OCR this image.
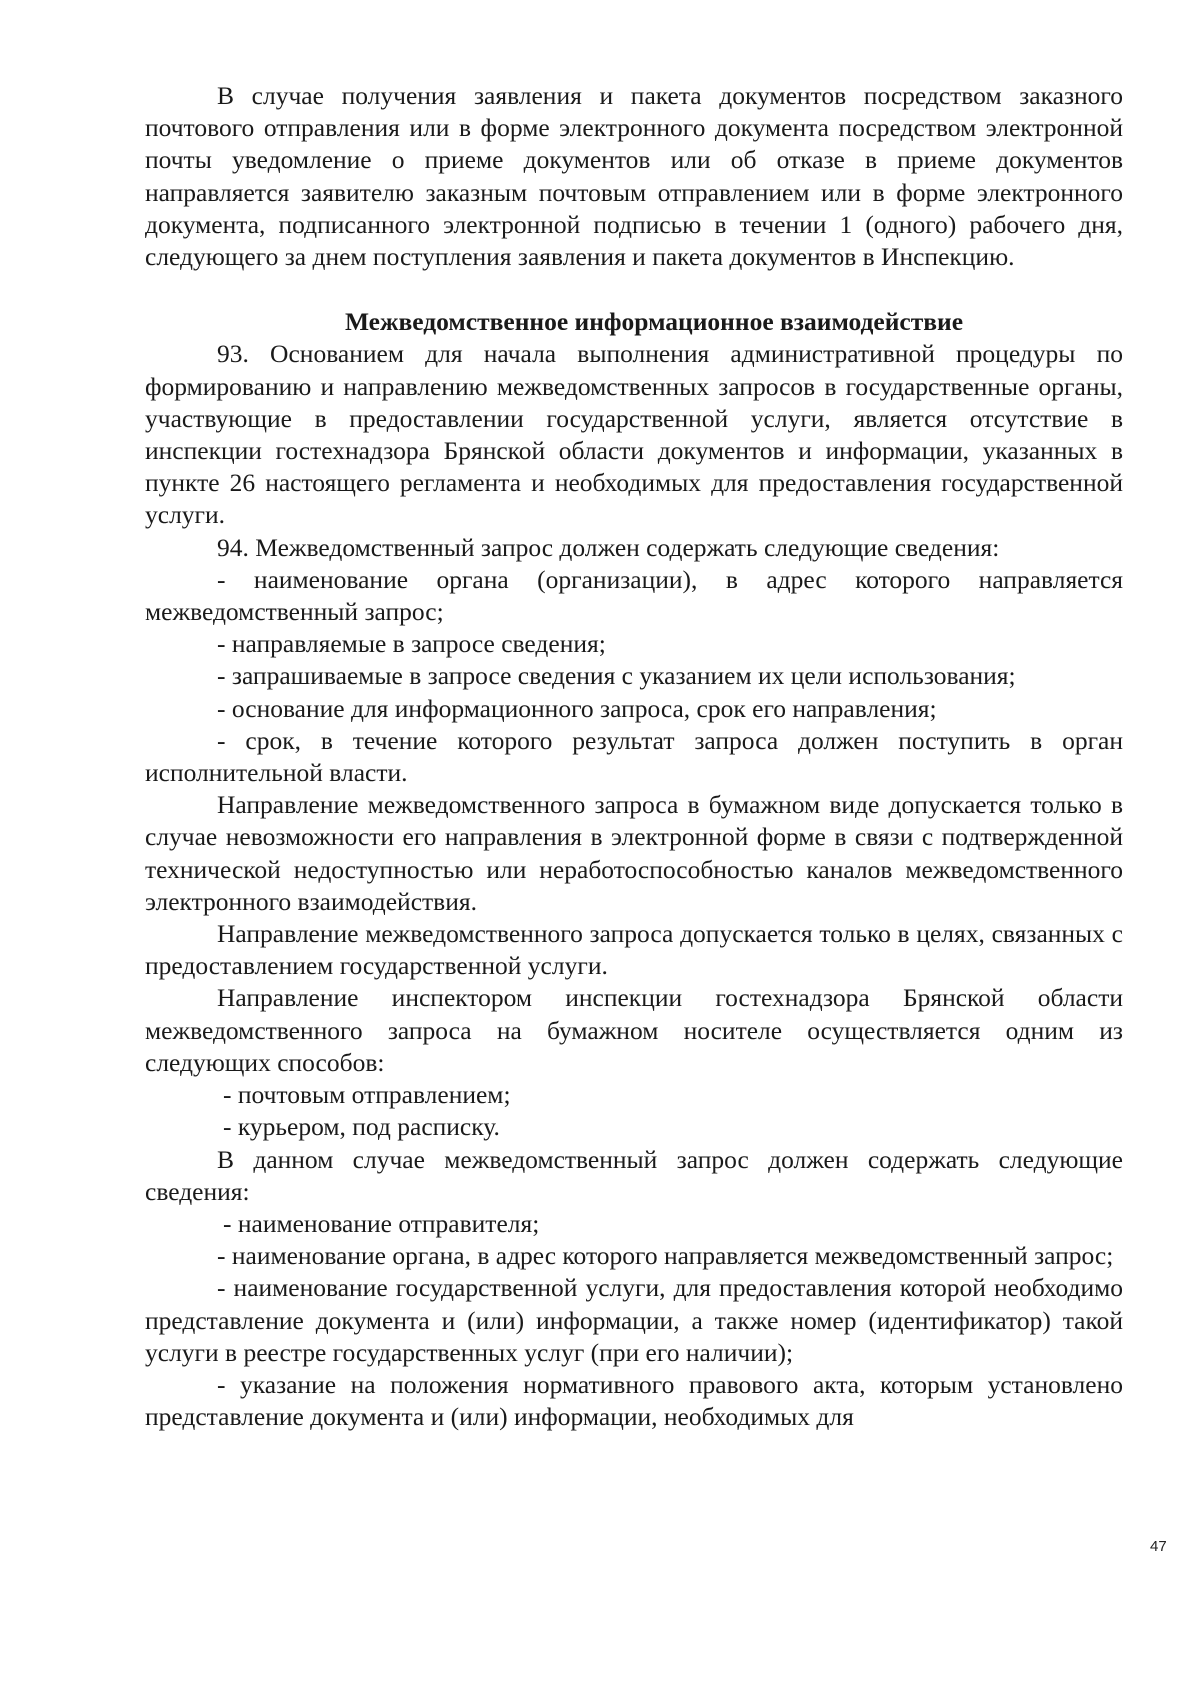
В случае получения заявления и пакета документов посредством заказного почтового отправления или в форме электронного документа посредством электронной почты уведомление о приеме документов или об отказе в приеме документов направляется заявителю заказным почтовым отправлением или в форме электронного документа, подписанного электронной подписью в течении 1 (одного) рабочего дня, следующего за днем поступления заявления и пакета документов в Инспекцию.

Межведомственное информационное взаимодействие

93. Основанием для начала выполнения административной процедуры по формированию и направлению межведомственных запросов в государственные органы, участвующие в предоставлении государственной услуги, является отсутствие в инспекции гостехнадзора Брянской области документов и информации, указанных в пункте 26 настоящего регламента и необходимых для предоставления государственной услуги.

94. Межведомственный запрос должен содержать следующие сведения:

- наименование органа (организации), в адрес которого направляется межведомственный запрос;

- направляемые в запросе сведения;

- запрашиваемые в запросе сведения с указанием их цели использования;

- основание для информационного запроса, срок его направления;

- срок, в течение которого результат запроса должен поступить в орган исполнительной власти.

Направление межведомственного запроса в бумажном виде допускается только в случае невозможности его направления в электронной форме в связи с подтвержденной технической недоступностью или неработоспособностью каналов межведомственного электронного взаимодействия.

Направление межведомственного запроса допускается только в целях, связанных с предоставлением государственной услуги.

Направление инспектором инспекции гостехнадзора Брянской области межведомственного запроса на бумажном носителе осуществляется одним из следующих способов:

- почтовым отправлением;

- курьером, под расписку.

В данном случае межведомственный запрос должен содержать следующие сведения:

- наименование отправителя;

- наименование органа, в адрес которого направляется межведомственный запрос;

- наименование государственной услуги, для предоставления которой необходимо представление документа и (или) информации, а также номер (идентификатор) такой услуги в реестре государственных услуг (при его наличии);

- указание на положения нормативного правового акта, которым установлено представление документа и (или) информации, необходимых для

47
